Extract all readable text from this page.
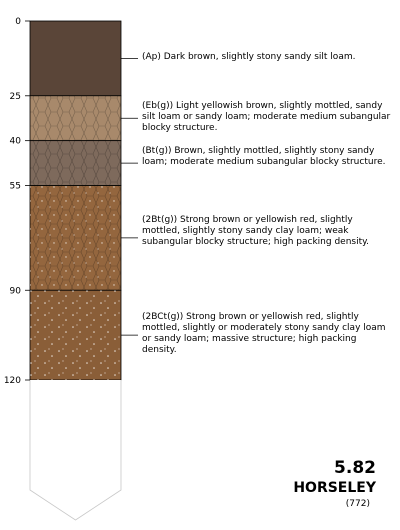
0
25
40
55
90
120
(Ap) Dark brown, slightly stony sandy silt loam.
(Eb(g)) Light yellowish brown, slightly mottled, sandy silt loam or sandy loam; moderate medium subangular blocky structure.
(Bt(g)) Brown, slightly mottled, slightly stony sandy loam; moderate medium subangular blocky structure.
(2Bt(g)) Strong brown or yellowish red, slightly mottled, slightly stony sandy clay loam; weak subangular blocky structure; high packing density.
(2BCt(g)) Strong brown or yellowish red, slightly mottled, slightly or moderately stony sandy clay loam or sandy loam; massive structure; high packing density.
5.82
HORSELEY
(772)
